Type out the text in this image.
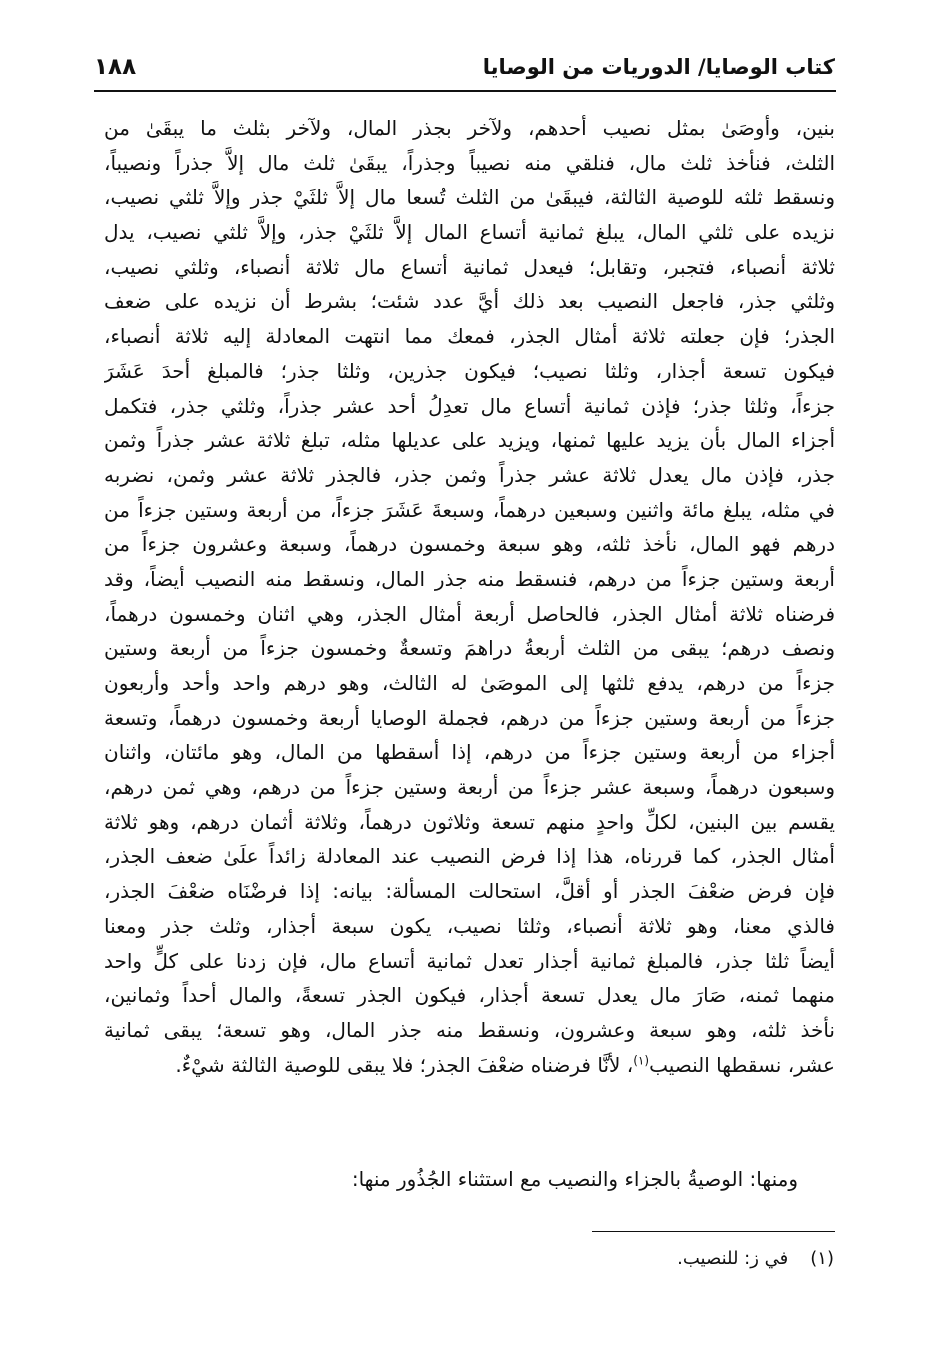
١٨٨	كتاب الوصايا/ الدوريات من الوصايا
بنين، وأوصَىٰ بمثل نصيب أحدهم، ولآخر بجذر المال، ولآخر بثلث ما يبقَىٰ من
الثلث، فنأخذ ثلث مال، فنلقي منه نصيباً وجذراً، يبقَىٰ ثلث مال إلاَّ جذراً ونصيباً،
ونسقط ثلثه للوصية الثالثة، فيبقَىٰ من الثلث تُسعا مال إلاَّ ثلثَيْ جذر وإلاَّ ثلثي نصيب،
نزيده على ثلثي المال، يبلغ ثمانية أتساع المال إلاَّ ثلثَيْ جذر، وإلاَّ ثلثي نصيب، يدل
ثلاثة أنصباء، فتجبر، وتقابل؛ فيعدل ثمانية أتساع مال ثلاثة أنصباء، وثلثي نصيب،
وثلثي جذر، فاجعل النصيب بعد ذلك أيَّ عدد شئت؛ بشرط أن نزيده على ضعف
الجذر؛ فإن جعلته ثلاثة أمثال الجذر، فمعك مما انتهت المعادلة إليه ثلاثة أنصباء،
فيكون تسعة أجذار، وثلثا نصيب؛ فيكون جذرين، وثلثا جذر؛ فالمبلغ أحدَ عَشَرَ
جزءاً، وثلثا جذر؛ فإذن ثمانية أتساع مال تعدِلُ أحد عشر جذراً، وثلثي جذر، فتكمل
أجزاء المال بأن يزيد عليها ثمنها، ويزيد على عديلها مثله، تبلغ ثلاثة عشر جذراً وثمن
جذر، فإذن مال يعدل ثلاثة عشر جذراً وثمن جذر، فالجذر ثلاثة عشر وثمن، نضربه
في مثله، يبلغ مائة واثنين وسبعين درهماً، وسبعةَ عَشَرَ جزءاً، من أربعة وستين جزءاً من
درهم فهو المال، نأخذ ثلثه، وهو سبعة وخمسون درهماً، وسبعة وعشرون جزءاً من
أربعة وستين جزءاً من درهم، فنسقط منه جذر المال، ونسقط منه النصيب أيضاً، وقد
فرضناه ثلاثة أمثال الجذر، فالحاصل أربعة أمثال الجذر، وهي اثنان وخمسون درهماً،
ونصف درهم؛ يبقى من الثلث أربعةُ دراهمَ وتسعةٌ وخمسون جزءاً من أربعة وستين
جزءاً من درهم، يدفع ثلثها إلى الموصَىٰ له الثالث، وهو درهم واحد وأحد وأربعون
جزءاً من أربعة وستين جزءاً من درهم، فجملة الوصايا أربعة وخمسون درهماً، وتسعة
أجزاء من أربعة وستين جزءاً من درهم، إذا أسقطها من المال، وهو مائتان، واثنان
وسبعون درهماً، وسبعة عشر جزءاً من أربعة وستين جزءاً من درهم، وهي ثمن درهم،
يقسم بين البنين، لكلِّ واحدٍ منهم تسعة وثلاثون درهماً، وثلاثة أثمان درهم، وهو ثلاثة
أمثال الجذر، كما قررناه، هذا إذا فرض النصيب عند المعادلة زائداً علَىٰ ضعف الجذر،
فإن فرض ضعْفَ الجذر أو أقلَّ، استحالت المسألة: بيانه: إذا فرضْنَاه ضعْفَ الجذر،
فالذي معنا، وهو ثلاثة أنصباء، وثلثا نصيب، يكون سبعة أجذار، وثلث جذر ومعنا
أيضاً ثلثا جذر، فالمبلغ ثمانية أجذار تعدل ثمانية أتساع مال، فإن زدنا على كلٍّ واحد
منهما ثمنه، صَارَ مال يعدل تسعة أجذار، فيكون الجذر تسعةً، والمال أحداً وثمانين،
نأخذ ثلثه، وهو سبعة وعشرون، ونسقط منه جذر المال، وهو تسعة؛ يبقى ثمانية
عشر، نسقطها النصيب$^{(١)}$، لأنَّا فرضناه ضعْفَ الجذر؛ فلا يبقى للوصية الثالثة شيْءٌ.
ومنها: الوصيةُ بالجزاء والنصيب مع استثناء الجُذُور منها:
(١)في ز: للنصيب.
